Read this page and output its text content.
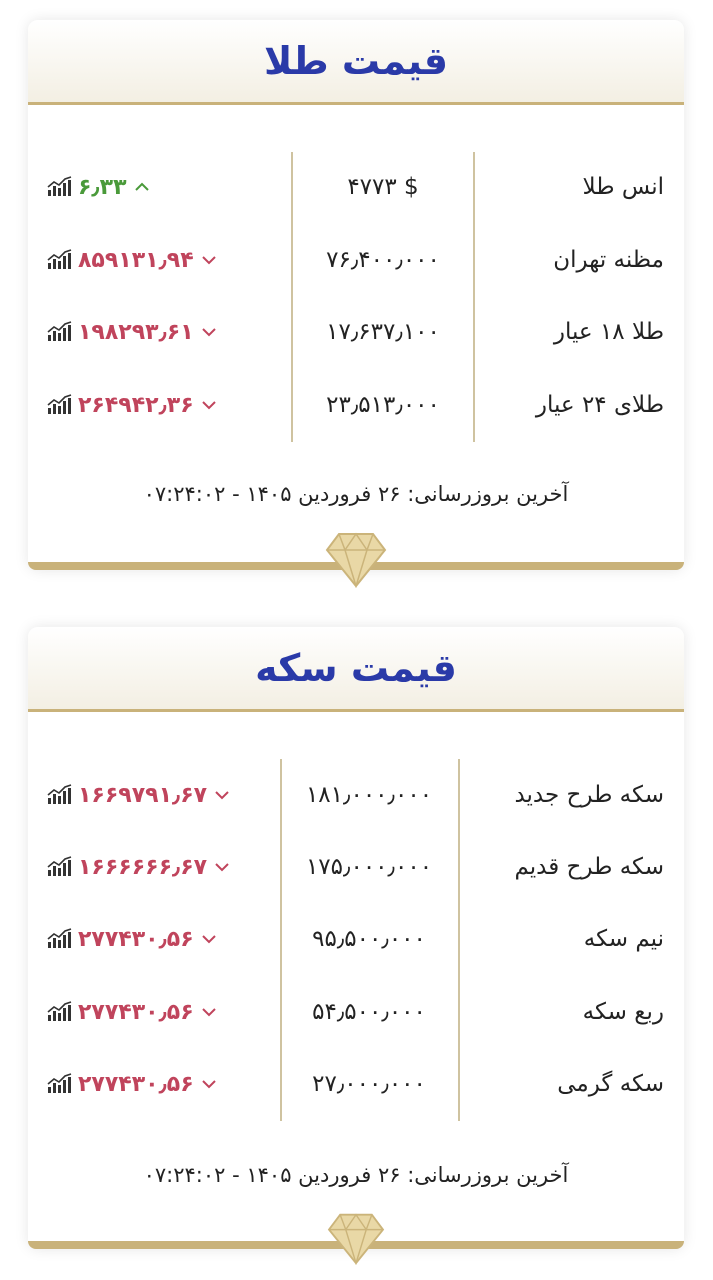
قیمت طلا
انس طلا
۴۷۷۳ $
۶٫۳۳
مظنه تهران
۷۶٫۴۰۰٫۰۰۰
۸۵۹۱۳۱٫۹۴
طلا ۱۸ عیار
۱۷٫۶۳۷٫۱۰۰
۱۹۸۲۹۳٫۶۱
طلای ۲۴ عیار
۲۳٫۵۱۳٫۰۰۰
۲۶۴۹۴۲٫۳۶
آخرین بروزرسانی: ۲۶ فروردین ۱۴۰۵ - ۰۷:۲۴:۰۲
قیمت سکه
سکه طرح جدید
۱۸۱٫۰۰۰٫۰۰۰
۱۶۶۹۷۹۱٫۶۷
سکه طرح قدیم
۱۷۵٫۰۰۰٫۰۰۰
۱۶۶۶۶۶۶٫۶۷
نیم سکه
۹۵٫۵۰۰٫۰۰۰
۲۷۷۴۳۰٫۵۶
ربع سکه
۵۴٫۵۰۰٫۰۰۰
۲۷۷۴۳۰٫۵۶
سکه گرمی
۲۷٫۰۰۰٫۰۰۰
۲۷۷۴۳۰٫۵۶
آخرین بروزرسانی: ۲۶ فروردین ۱۴۰۵ - ۰۷:۲۴:۰۲
